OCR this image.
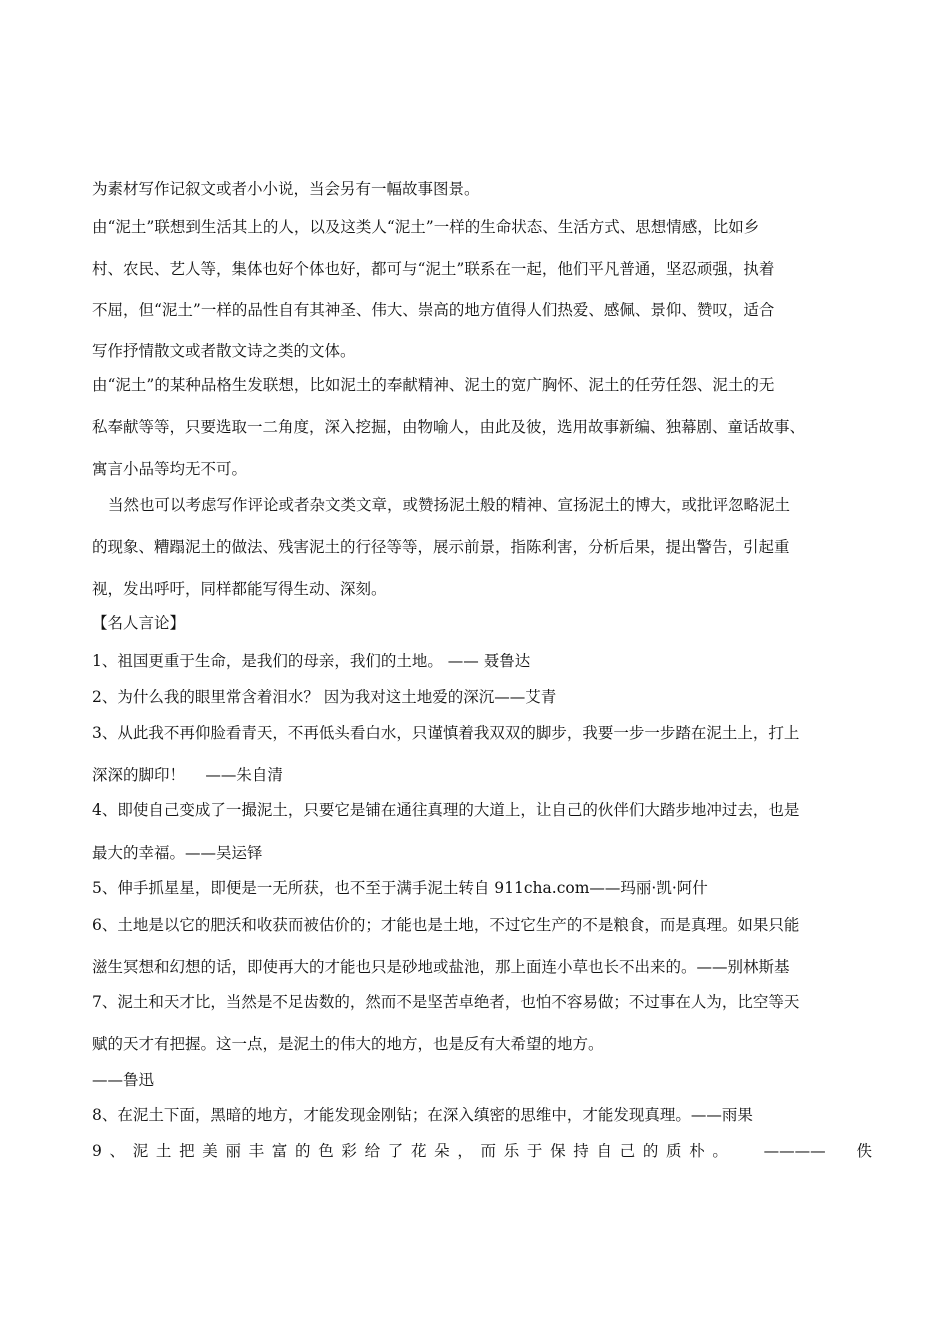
为素材写作记叙文或者小小说，当会另有一幅故事图景。
由“泥土”联想到生活其上的人，以及这类人“泥土”一样的生命状态、生活方式、思想情感，比如乡
村、农民、艺人等，集体也好个体也好，都可与“泥土”联系在一起，他们平凡普通，坚忍顽强，执着
不屈，但“泥土”一样的品性自有其神圣、伟大、崇高的地方值得人们热爱、感佩、景仰、赞叹，适合
写作抒情散文或者散文诗之类的文体。
由“泥土”的某种品格生发联想，比如泥土的奉献精神、泥土的宽广胸怀、泥土的任劳任怨、泥土的无
私奉献等等，只要选取一二角度，深入挖掘，由物喻人，由此及彼，选用故事新编、独幕剧、童话故事、
寓言小品等均无不可。
当然也可以考虑写作评论或者杂文类文章，或赞扬泥土般的精神、宣扬泥土的博大，或批评忽略泥土
的现象、糟蹋泥土的做法、残害泥土的行径等等，展示前景，指陈利害，分析后果，提出警告，引起重
视，发出呼吁，同样都能写得生动、深刻。
【名人言论】
1、祖国更重于生命，是我们的母亲，我们的土地。 —— 聂鲁达
2、为什么我的眼里常含着泪水？ 因为我对这土地爱的深沉——艾青
3、从此我不再仰脸看青天，不再低头看白水，只谨慎着我双双的脚步，我要一步一步踏在泥土上，打上
深深的脚印！　 ——朱自清
4、即使自己变成了一撮泥土，只要它是铺在通往真理的大道上，让自己的伙伴们大踏步地冲过去，也是
最大的幸福。——吴运铎
5、伸手抓星星，即便是一无所获，也不至于满手泥土转自 911cha.com——玛丽·凯·阿什
6、土地是以它的肥沃和收获而被估价的；才能也是土地，不过它生产的不是粮食，而是真理。如果只能
滋生冥想和幻想的话，即使再大的才能也只是砂地或盐池，那上面连小草也长不出来的。——别林斯基
7、泥土和天才比，当然是不足齿数的，然而不是坚苦卓绝者，也怕不容易做；不过事在人为，比空等天
赋的天才有把握。这一点，是泥土的伟大的地方，也是反有大希望的地方。
——鲁迅
8、在泥土下面，黑暗的地方，才能发现金刚钻；在深入缜密的思维中，才能发现真理。——雨果
9、泥土把美丽丰富的色彩给了花朵，而乐于保持自己的质朴。　 ————　佚
